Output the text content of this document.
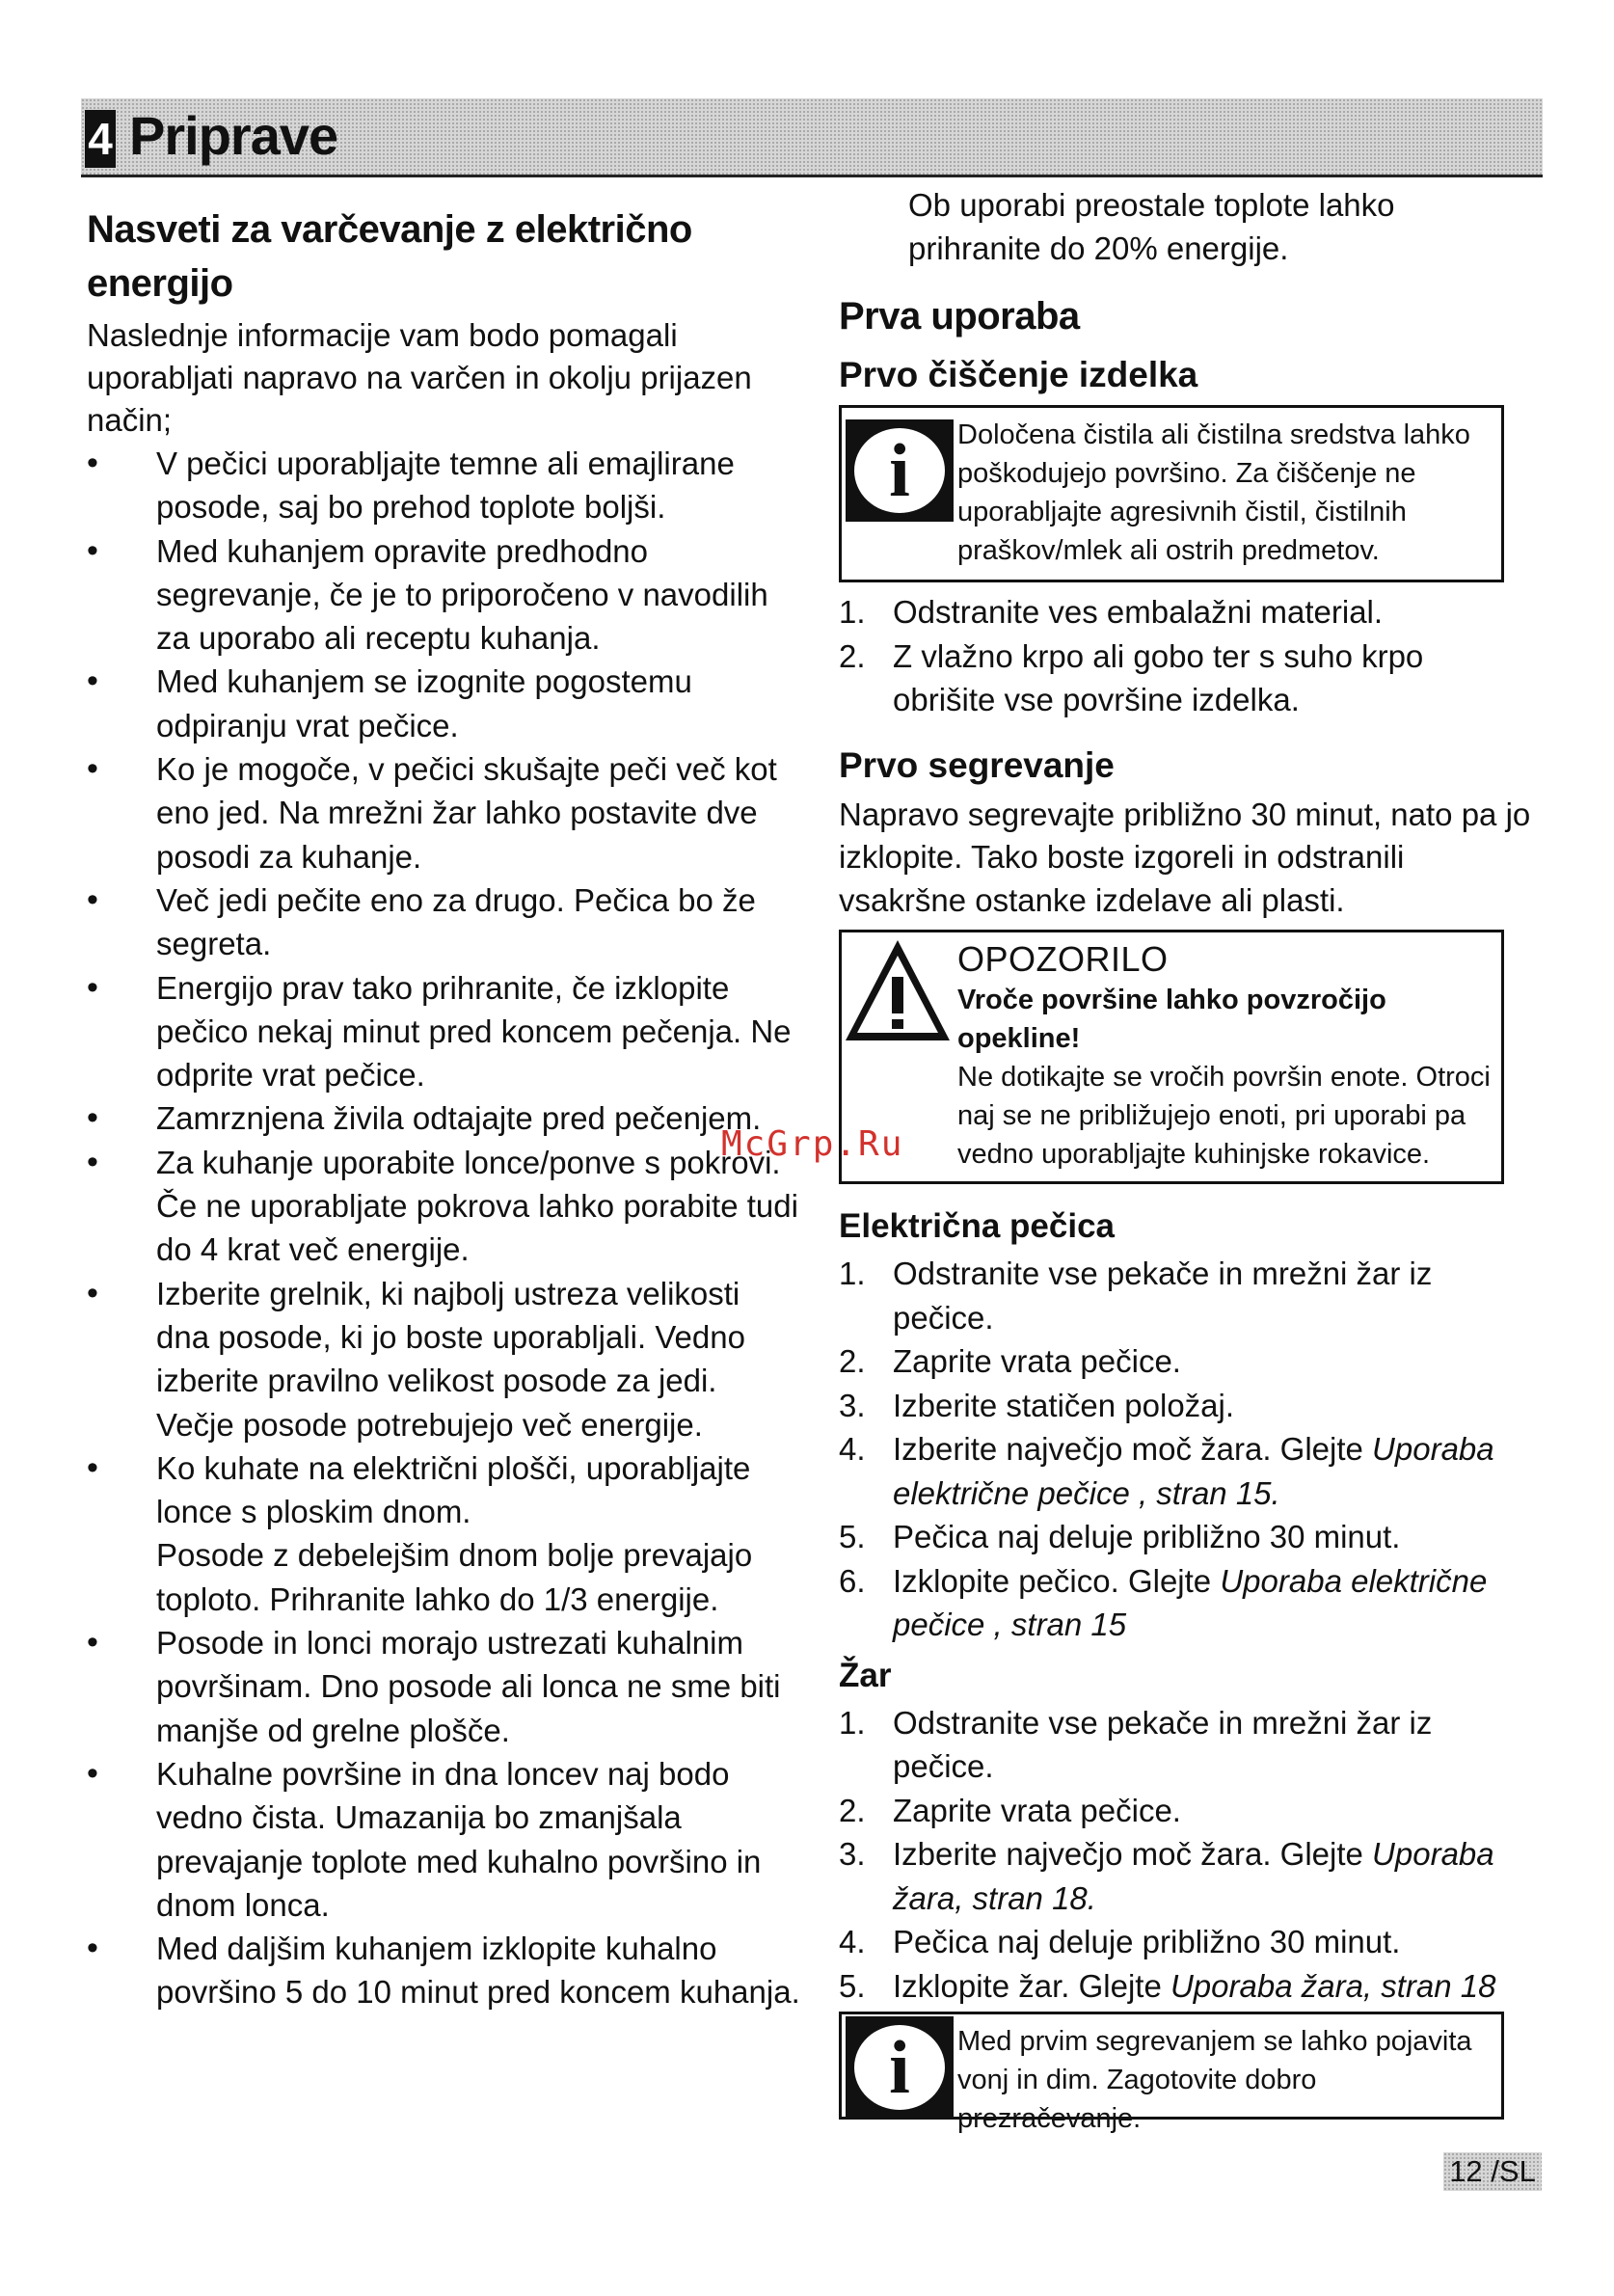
4 Priprave
Nasveti za varčevanje z električno energijo

Naslednje informacije vam bodo pomagali uporabljati napravo na varčen in okolju prijazen način;

• V pečici uporabljajte temne ali emajlirane posode, saj bo prehod toplote boljši.
• Med kuhanjem opravite predhodno segrevanje, če je to priporočeno v navodilih za uporabo ali receptu kuhanja.
• Med kuhanjem se izognite pogostemu odpiranju vrat pečice.
• Ko je mogoče, v pečici skušajte peči več kot eno jed. Na mrežni žar lahko postavite dve posodi za kuhanje.
• Več jedi pečite eno za drugo. Pečica bo že segreta.
• Energijo prav tako prihranite, če izklopite pečico nekaj minut pred koncem pečenja. Ne odprite vrat pečice.
• Zamrznjena živila odtajajte pred pečenjem.
• Za kuhanje uporabite lonce/ponve s pokrovi.
Če ne uporabljate pokrova lahko porabite tudi do 4 krat več energije.
• Izberite grelnik, ki najbolj ustreza velikosti dna posode, ki jo boste uporabljali. Vedno izberite pravilno velikost posode za jedi. Večje posode potrebujejo več energije.
• Ko kuhate na električni plošči, uporabljajte lonce s ploskim dnom.
Posode z debelejšim dnom bolje prevajajo toploto. Prihranite lahko do 1/3 energije.
• Posode in lonci morajo ustrezati kuhalnim površinam. Dno posode ali lonca ne sme biti manjše od grelne plošče.
• Kuhalne površine in dna loncev naj bodo vedno čista. Umazanija bo zmanjšala prevajanje toplote med kuhalno površino in dnom lonca.
• Med daljšim kuhanjem izklopite kuhalno površino 5 do 10 minut pred koncem kuhanja.

Ob uporabi preostale toplote lahko prihranite do 20% energije.

Prva uporaba
Prvo čiščenje izdelka
i Določena čistila ali čistilna sredstva lahko poškodujejo površino. Za čiščenje ne uporabljajte agresivnih čistil, čistilnih praškov/mlek ali ostrih predmetov.
1. Odstranite ves embalažni material.
2. Z vlažno krpo ali gobo ter s suho krpo obrišite vse površine izdelka.
Prvo segrevanje

Napravo segrevajte približno 30 minut, nato pa jo izklopite. Tako boste izgoreli in odstranili vsakršne ostanke izdelave ali plasti.

OPOZORILO
Vroče površine lahko povzročijo opekline!
Ne dotikajte se vročih površin enote. Otroci naj se ne približujejo enoti, pri uporabi pa vedno uporabljajte kuhinjske rokavice.
Električna pečica
1. Odstranite vse pekače in mrežni žar iz pečice.
2. Zaprite vrata pečice.
3. Izberite statičen položaj.
4. Izberite največjo moč žara. Glejte Uporaba električne pečice , stran 15.
5. Pečica naj deluje približno 30 minut.
6. Izklopite pečico. Glejte Uporaba električne pečice , stran 15
Žar
1. Odstranite vse pekače in mrežni žar iz pečice.
2. Zaprite vrata pečice.
3. Izberite največjo moč žara. Glejte Uporaba žara, stran 18.
4. Pečica naj deluje približno 30 minut.
5. Izklopite žar. Glejte Uporaba žara, stran 18
i Med prvim segrevanjem se lahko pojavita vonj in dim. Zagotovite dobro prezračevanje.
McGrp.Ru
12 /SL
